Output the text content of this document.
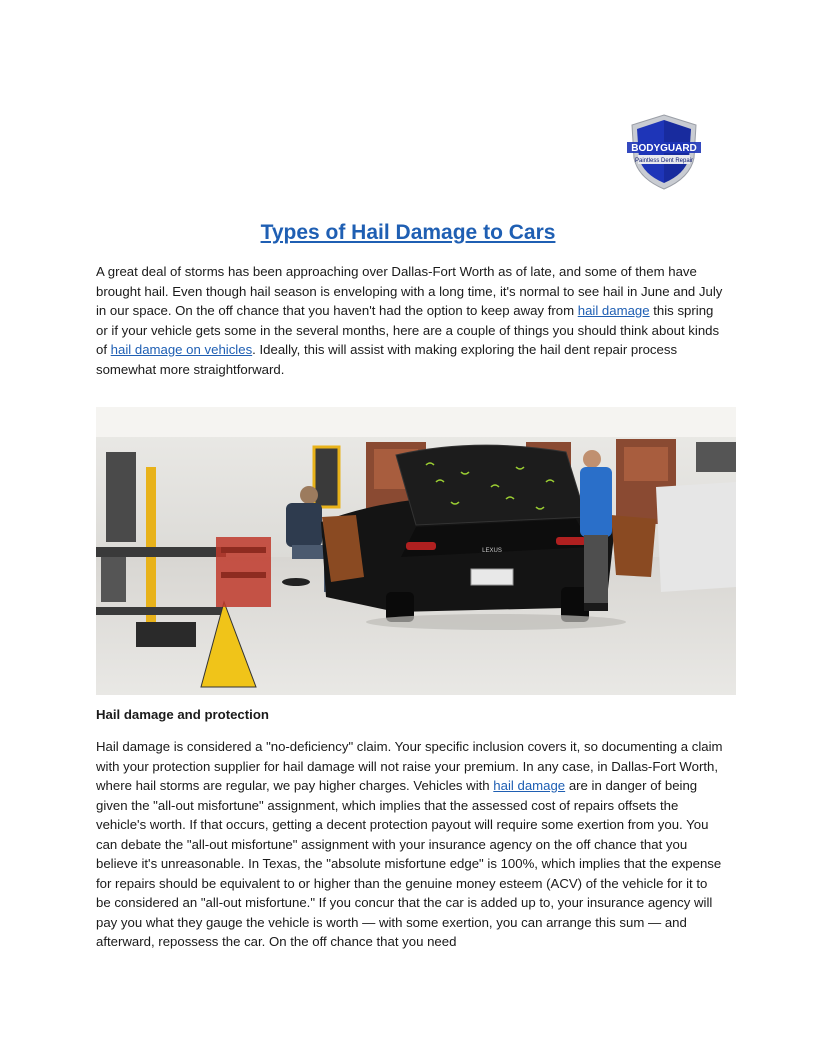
BODYGUARD
Paintless Dent Repair
Types of Hail Damage to Cars

A great deal of storms has been approaching over Dallas-Fort Worth as of late, and some of them have brought hail. Even though hail season is enveloping with a long time, it's normal to see hail in June and July in our space. On the off chance that you haven't had the option to keep away from hail damage this spring or if your vehicle gets some in the several months, here are a couple of things you should think about kinds of hail damage on vehicles. Ideally, this will assist with making exploring the hail dent repair process somewhat more straightforward.

LEXUS
Hail damage and protection

Hail damage is considered a "no-deficiency" claim. Your specific inclusion covers it, so documenting a claim with your protection supplier for hail damage will not raise your premium. In any case, in Dallas-Fort Worth, where hail storms are regular, we pay higher charges. Vehicles with hail damage are in danger of being given the "all-out misfortune" assignment, which implies that the assessed cost of repairs offsets the vehicle's worth. If that occurs, getting a decent protection payout will require some exertion from you. You can debate the "all-out misfortune" assignment with your insurance agency on the off chance that you believe it's unreasonable. In Texas, the "absolute misfortune edge" is 100%, which implies that the expense for repairs should be equivalent to or higher than the genuine money esteem (ACV) of the vehicle for it to be considered an "all-out misfortune." If you concur that the car is added up to, your insurance agency will pay you what they gauge the vehicle is worth — with some exertion, you can arrange this sum — and afterward, repossess the car. On the off chance that you need
